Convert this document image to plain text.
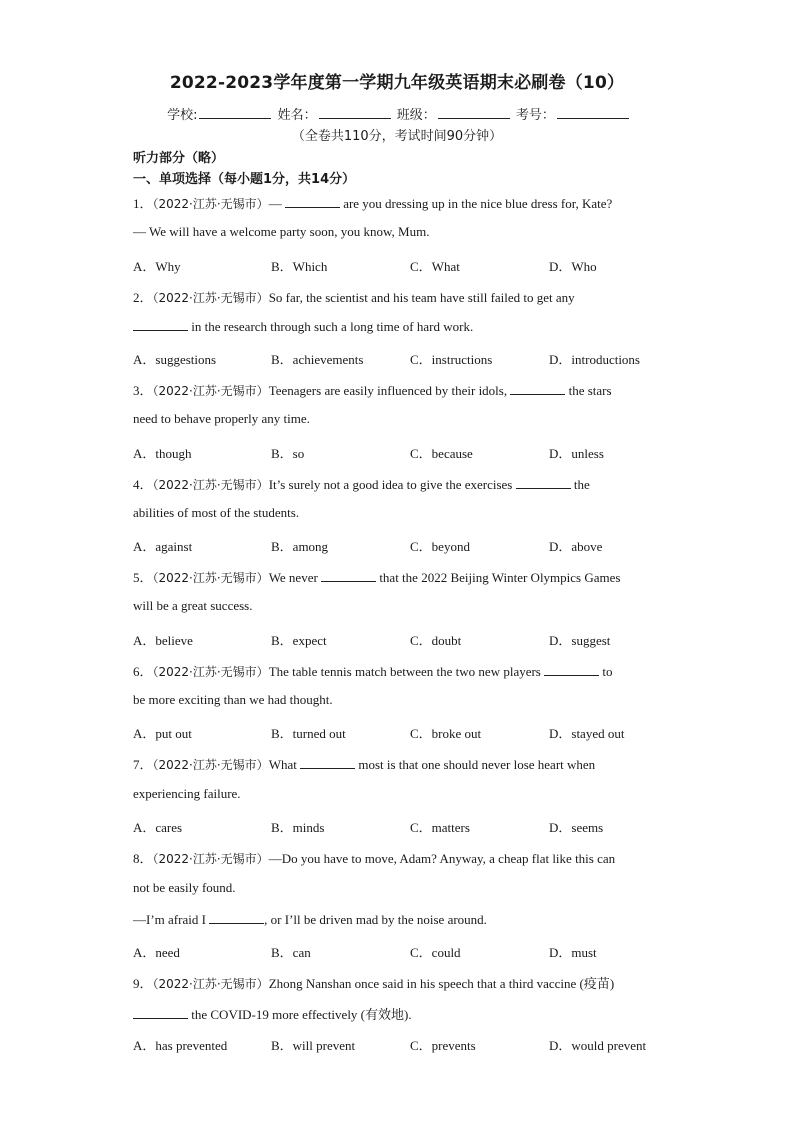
2022-2023学年度第一学期九年级英语期末必刷卷（10）
学校:	姓名：	班级：	考号：
（全卷共110分，考试时间90分钟）
听力部分（略）
一、单项选择（每小题1分，共14分）
1．（2022·江苏·无锡市）—	are you dressing up in the nice blue dress for, Kate?
— We will have a welcome party soon, you know, Mum.
A．Why	B．Which	C．What	D．Who
2．（2022·江苏·无锡市）So far, the scientist and his team have still failed to get any
in the research through such a long time of hard work.
A．suggestions	B．achievements	C．instructions	D．introductions
3．（2022·江苏·无锡市）Teenagers are easily influenced by their idols,	the stars
need to behave properly any time.
A．though	B．so	C．because	D．unless
4．（2022·江苏·无锡市）It’s surely not a good idea to give the exercises	the
abilities of most of the students.
A．against	B．among	C．beyond	D．above
5．（2022·江苏·无锡市）We never	that the 2022 Beijing Winter Olympics Games
will be a great success.
A．believe	B．expect	C．doubt	D．suggest
6．（2022·江苏·无锡市）The table tennis match between the two new players	to
be more exciting than we had thought.
A．put out	B．turned out	C．broke out	D．stayed out
7．（2022·江苏·无锡市）What	most is that one should never lose heart when
experiencing failure.
A．cares	B．minds	C．matters	D．seems
8．（2022·江苏·无锡市）—Do you have to move, Adam? Anyway, a cheap flat like this can
not be easily found.
—I’m afraid I	, or I’ll be driven mad by the noise around.
A．need	B．can	C．could	D．must
9．（2022·江苏·无锡市）Zhong Nanshan once said in his speech that a third vaccine (疫苗)
the COVID-19 more effectively (有效地).
A．has prevented	B．will prevent	C．prevents	D．would prevent
